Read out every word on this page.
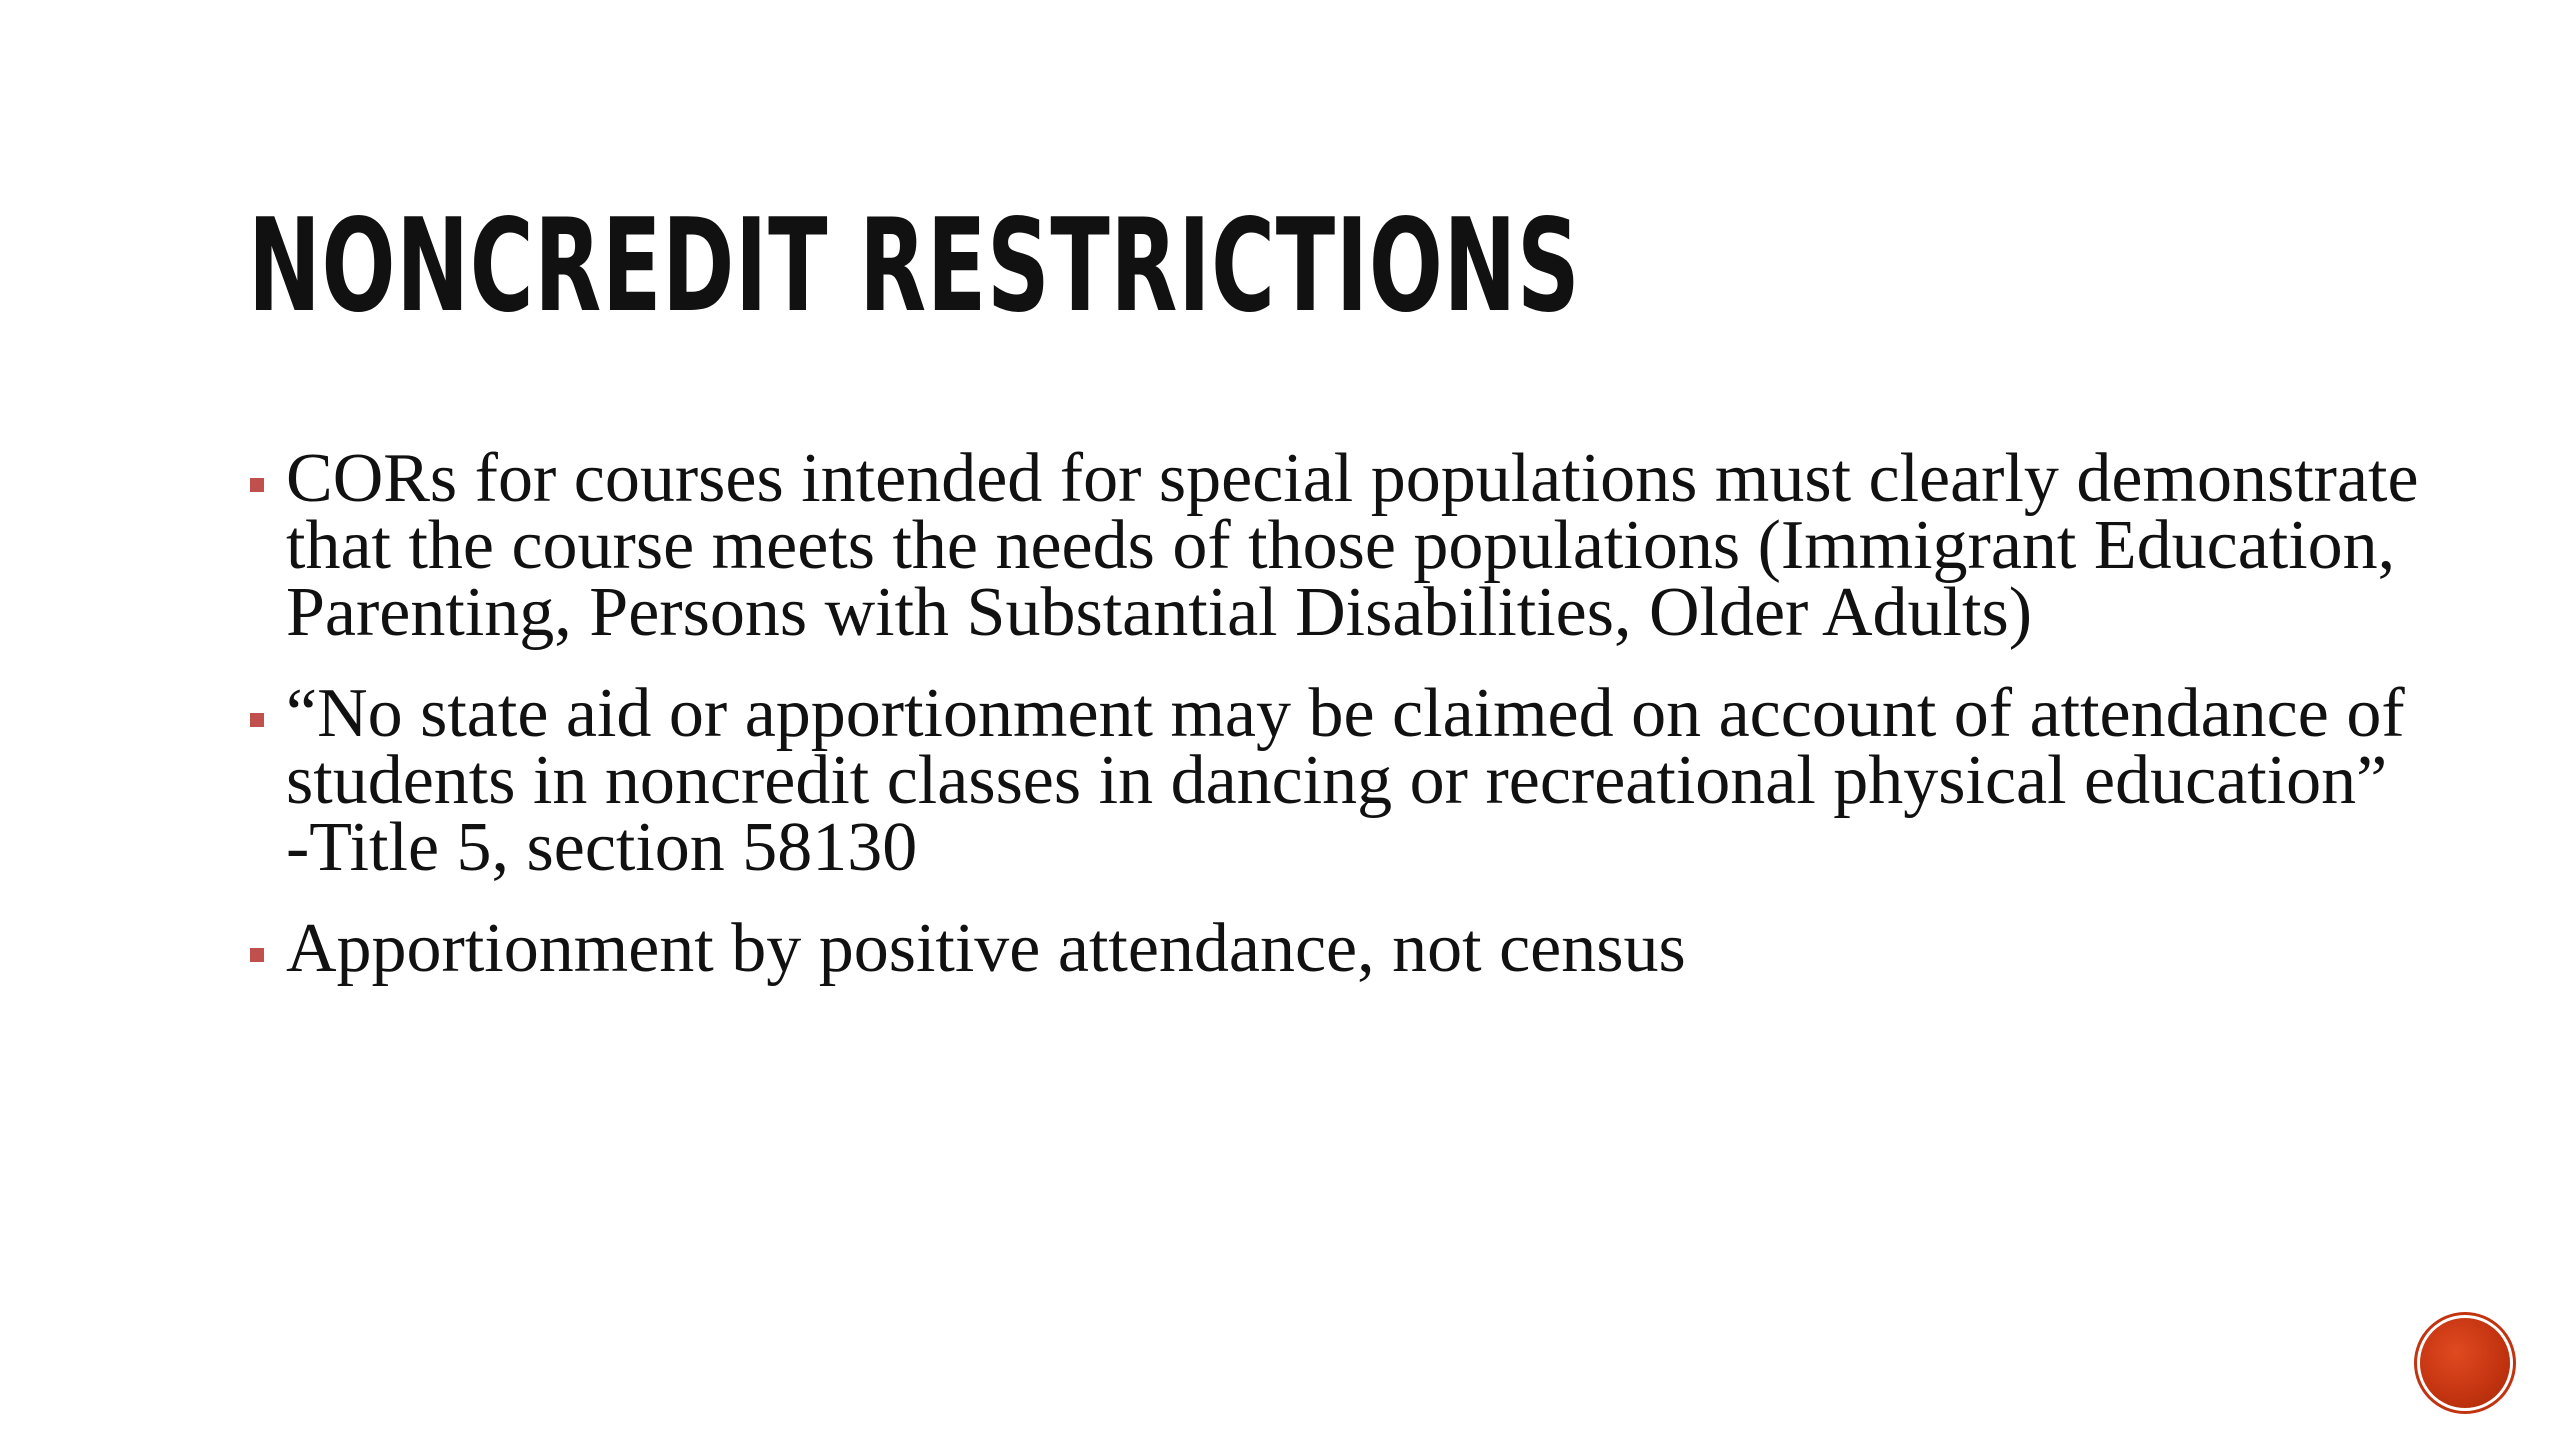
NONCREDIT RESTRICTIONS
CORs for courses intended for special populations must clearly demonstrate that the course meets the needs of those populations (Immigrant Education, Parenting, Persons with Substantial Disabilities, Older Adults)
“No state aid or apportionment may be claimed on account of attendance of students in noncredit classes in dancing or recreational physical education” -Title 5, section 58130
Apportionment by positive attendance, not census
